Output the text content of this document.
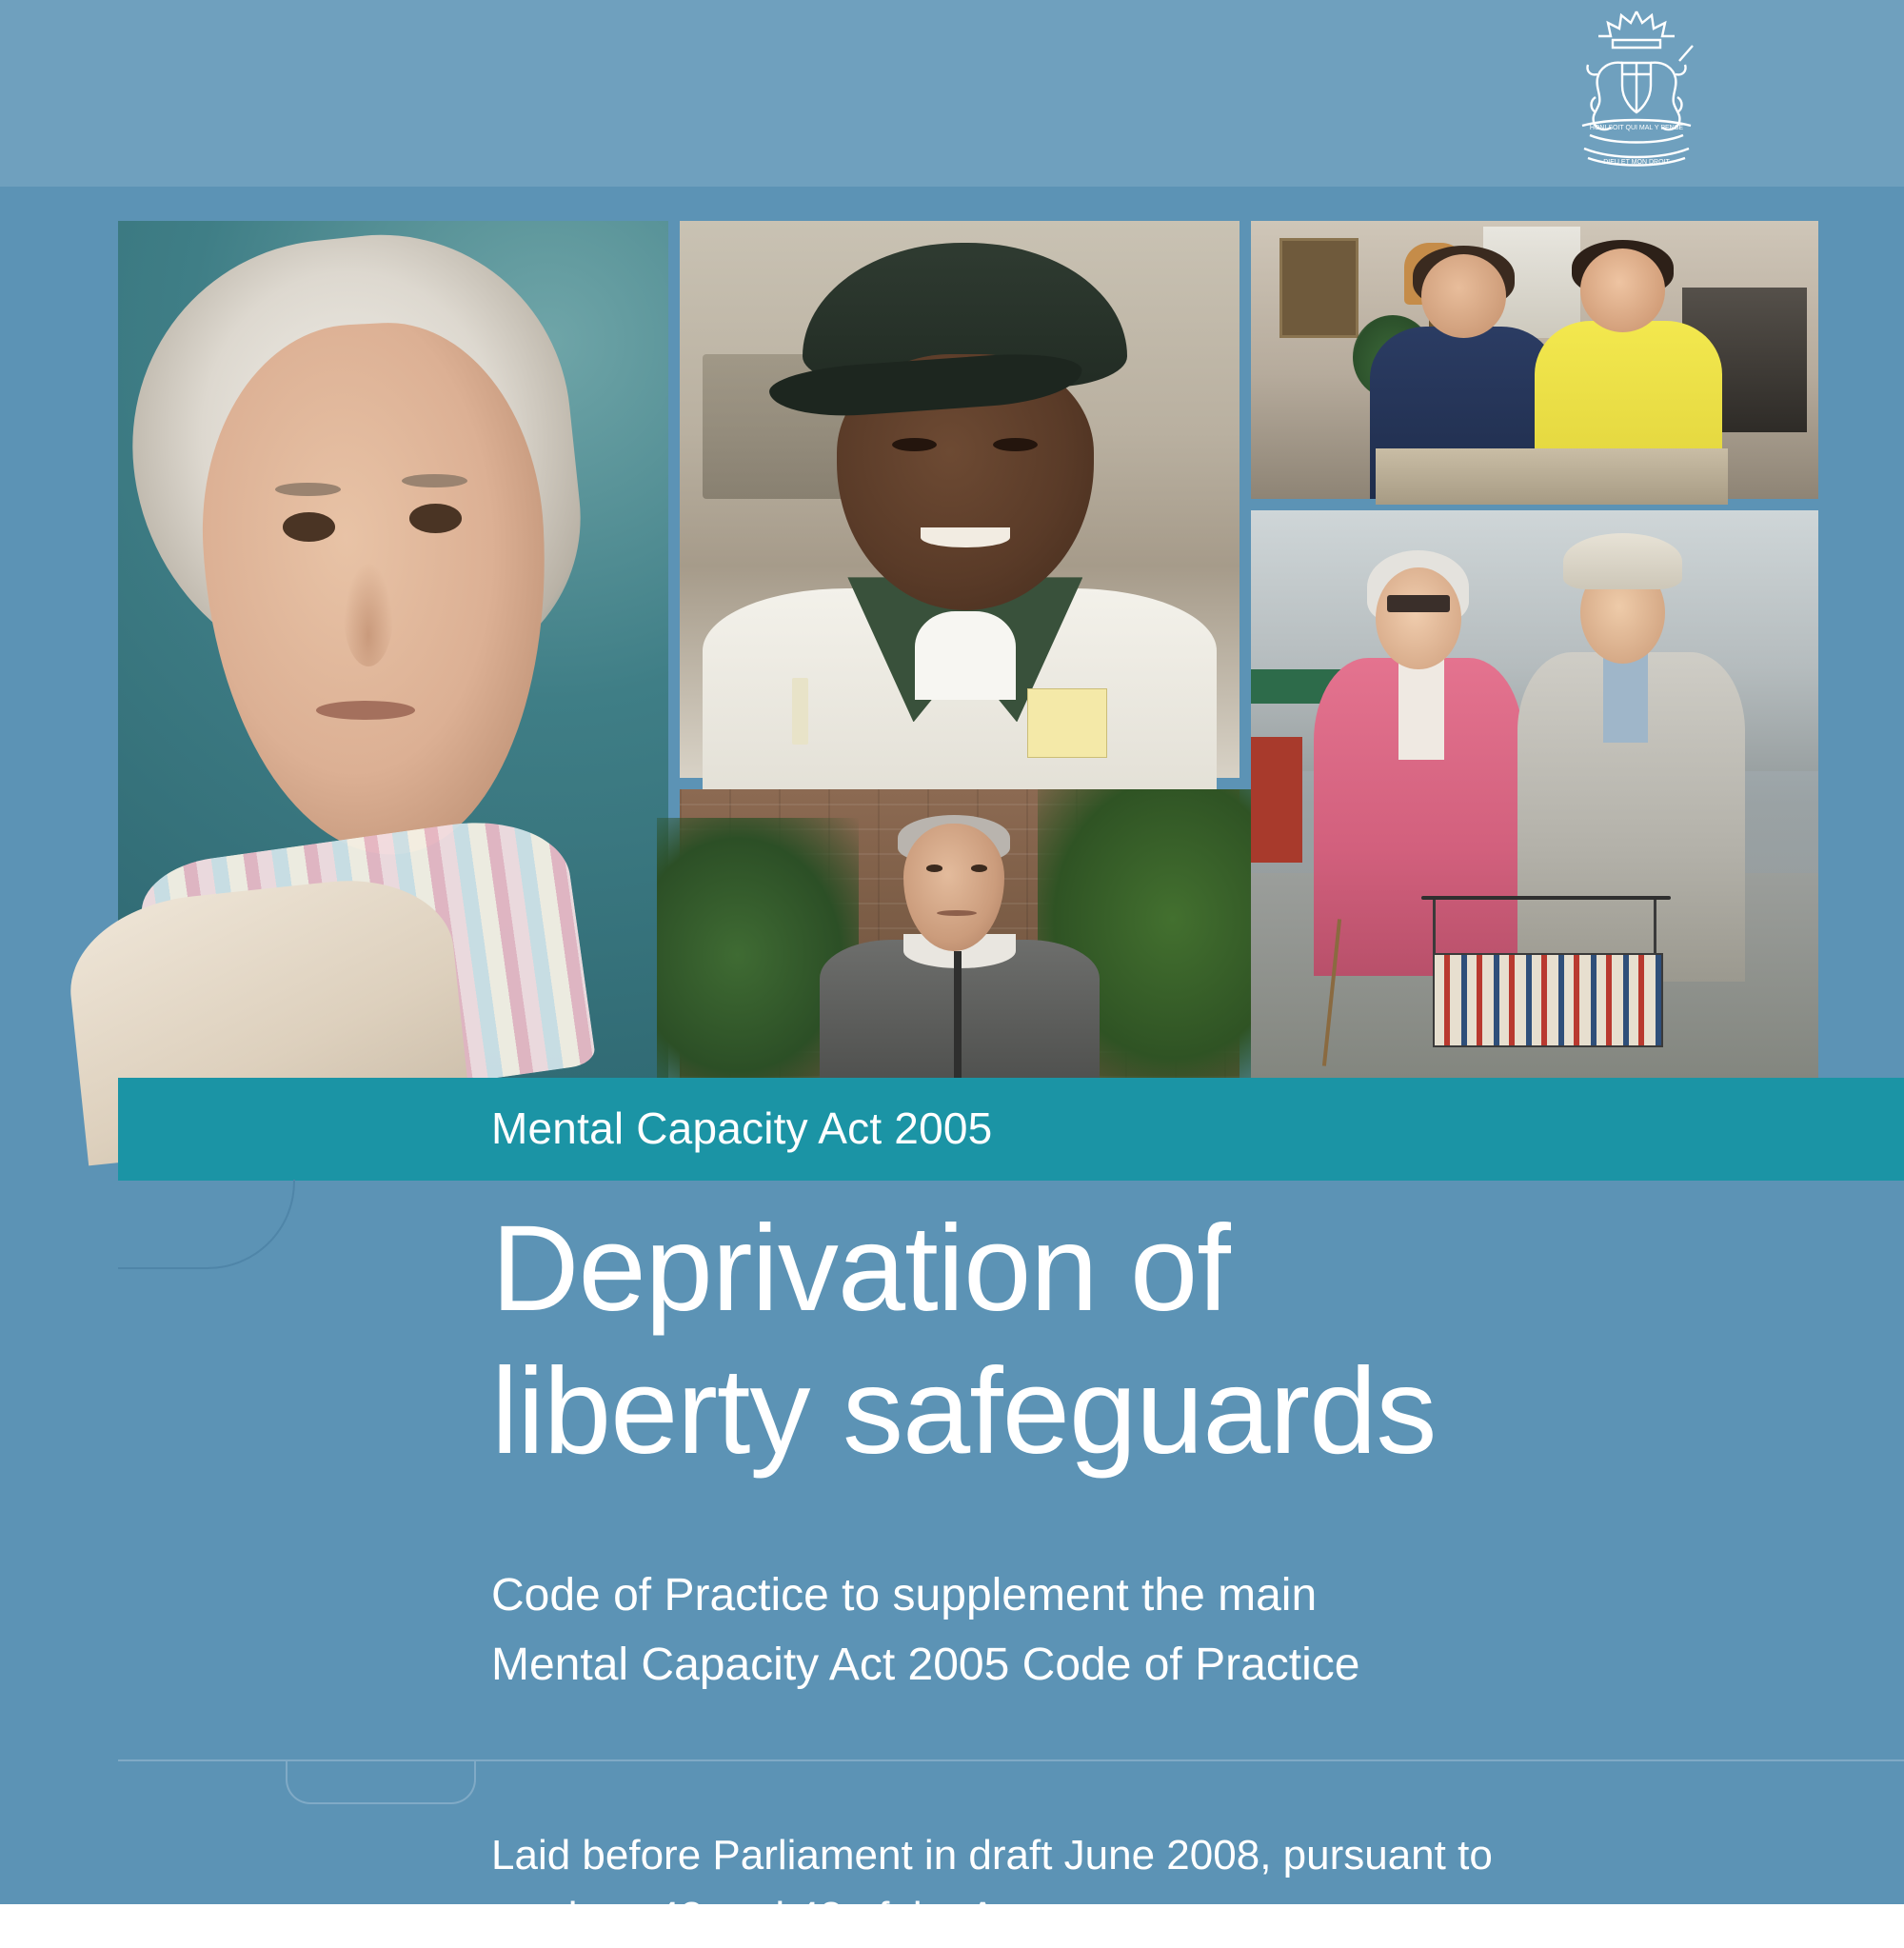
HONI SOIT QUI MAL Y PENSE
DIEU ET MON DROIT
Mental Capacity Act 2005
Deprivation of
liberty safeguards
Code of Practice to supplement the main
Mental Capacity Act 2005 Code of Practice
Laid before Parliament in draft June 2008, pursuant to
sections 42 and 43 of the Act
